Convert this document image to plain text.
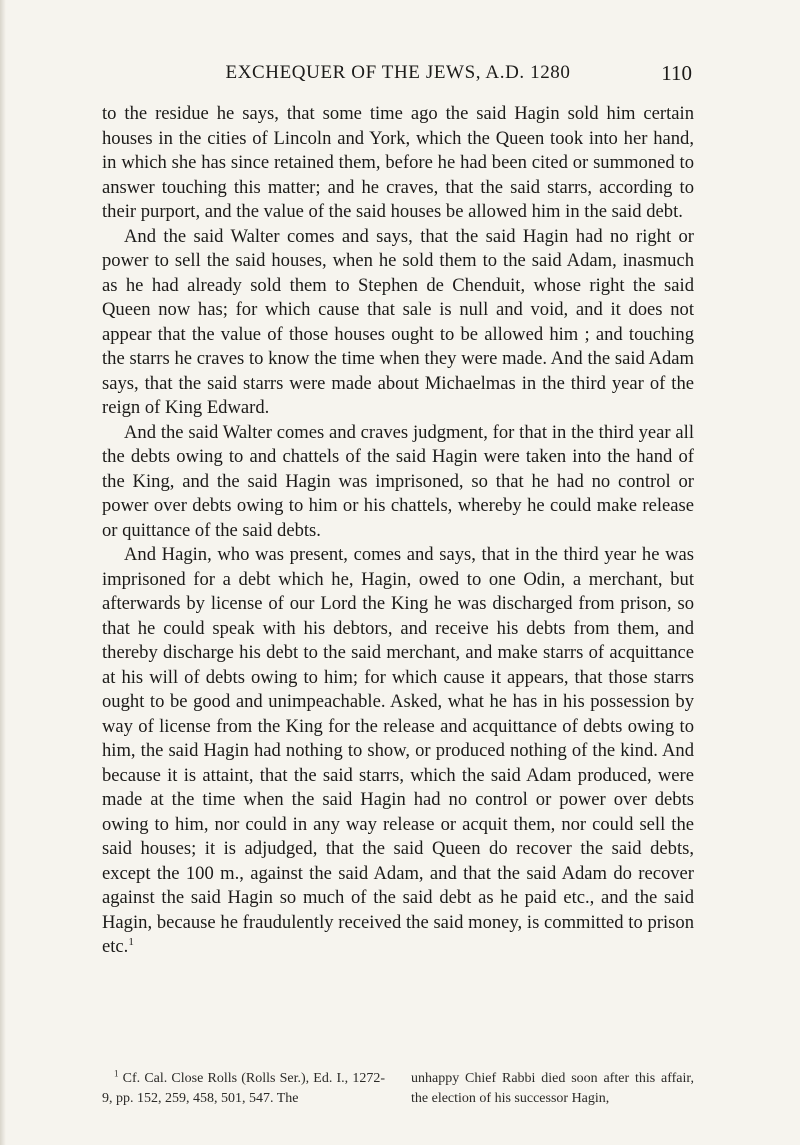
EXCHEQUER OF THE JEWS, A.D. 1280	110

to the residue he says, that some time ago the said Hagin sold him certain houses in the cities of Lincoln and York, which the Queen took into her hand, in which she has since retained them, before he had been cited or summoned to answer touching this matter; and he craves, that the said starrs, according to their purport, and the value of the said houses be allowed him in the said debt.

And the said Walter comes and says, that the said Hagin had no right or power to sell the said houses, when he sold them to the said Adam, inasmuch as he had already sold them to Stephen de Chenduit, whose right the said Queen now has; for which cause that sale is null and void, and it does not appear that the value of those houses ought to be allowed him ; and touching the starrs he craves to know the time when they were made. And the said Adam says, that the said starrs were made about Michaelmas in the third year of the reign of King Edward.

And the said Walter comes and craves judgment, for that in the third year all the debts owing to and chattels of the said Hagin were taken into the hand of the King, and the said Hagin was imprisoned, so that he had no control or power over debts owing to him or his chattels, whereby he could make release or quittance of the said debts.

And Hagin, who was present, comes and says, that in the third year he was imprisoned for a debt which he, Hagin, owed to one Odin, a merchant, but afterwards by license of our Lord the King he was discharged from prison, so that he could speak with his debtors, and receive his debts from them, and thereby discharge his debt to the said merchant, and make starrs of acquittance at his will of debts owing to him; for which cause it appears, that those starrs ought to be good and unimpeachable. Asked, what he has in his possession by way of license from the King for the release and acquittance of debts owing to him, the said Hagin had nothing to show, or produced nothing of the kind. And because it is attaint, that the said starrs, which the said Adam produced, were made at the time when the said Hagin had no control or power over debts owing to him, nor could in any way release or acquit them, nor could sell the said houses; it is adjudged, that the said Queen do recover the said debts, except the 100 m., against the said Adam, and that the said Adam do recover against the said Hagin so much of the said debt as he paid etc., and the said Hagin, because he fraudulently received the said money, is committed to prison etc.$^1$

$^1$ Cf. Cal. Close Rolls (Rolls Ser.), Ed. I., 1272-9, pp. 152, 259, 458, 501, 547. The
unhappy Chief Rabbi died soon after this affair, the election of his successor Hagin,
